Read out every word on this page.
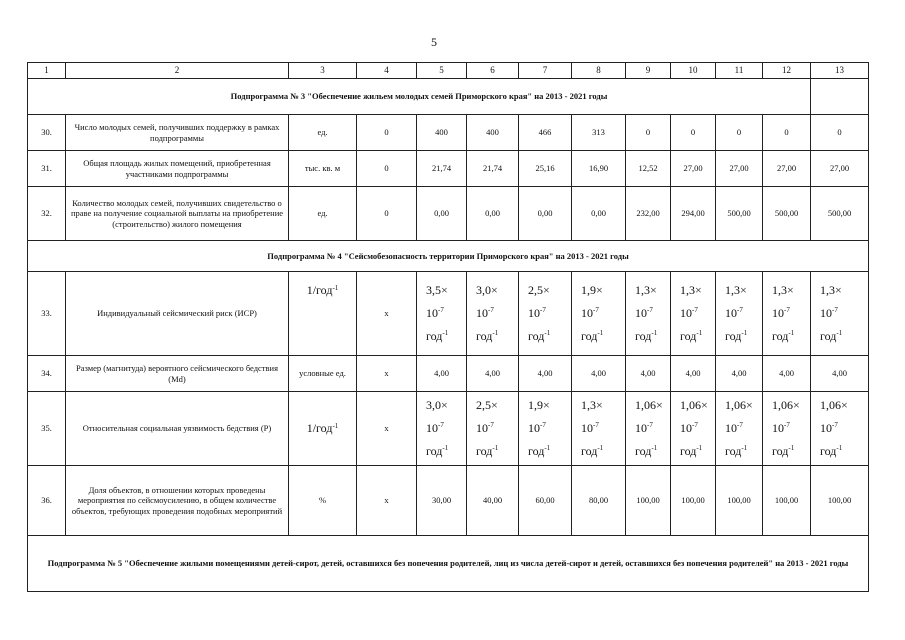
5
1	2	3	4	5	6	7	8	9	10	11	12	13
Подпрограмма № 3 "Обеспечение жильем молодых семей Приморского края" на 2013 - 2021 годы												
30.	Число молодых семей, получивших поддержку в рамках подпрограммы	ед.	0	400	400	466	313	0	0	0	0	0
31.	Общая площадь жилых помещений, приобретенная участниками подпрограммы	тыс. кв. м	0	21,74	21,74	25,16	16,90	12,52	27,00	27,00	27,00	27,00
32.	Количество молодых семей, получивших свидетельство о праве на получение социальной выплаты на приобретение (строительство) жилого помещения	ед.	0	0,00	0,00	0,00	0,00	232,00	294,00	500,00	500,00	500,00
Подпрограмма № 4 "Сейсмобезопасность территории Приморского края" на 2013 - 2021 годы												
33.	Индивидуальный сейсмический риск (ИСР)	1/год$^{-1}$	х	3,5×
$10^{-7}$
год$^{-1}$	3,0×
$10^{-7}$
год$^{-1}$	2,5×
$10^{-7}$
год$^{-1}$	1,9×
$10^{-7}$
год$^{-1}$	1,3×
$10^{-7}$
год$^{-1}$	1,3×
$10^{-7}$
год$^{-1}$	1,3×
$10^{-7}$
год$^{-1}$	1,3×
$10^{-7}$
год$^{-1}$	1,3×
$10^{-7}$
год$^{-1}$

34.	Размер (магнитуда) вероятного сейсмического бедствия (Md)	условные ед.	х	4,00	4,00	4,00	4,00	4,00	4,00	4,00	4,00	4,00
35.	Относительная социальная уязвимость бедствия (Р)	1/год$^{-1}$	х	3,0×
$10^{-7}$
год$^{-1}$	2,5×
$10^{-7}$
год$^{-1}$	1,9×
$10^{-7}$
год$^{-1}$	1,3×
$10^{-7}$
год$^{-1}$	1,06×
$10^{-7}$
год$^{-1}$	1,06×
$10^{-7}$
год$^{-1}$	1,06×
$10^{-7}$
год$^{-1}$	1,06×
$10^{-7}$
год$^{-1}$	1,06×
$10^{-7}$
год$^{-1}$

36.	Доля объектов, в отношении которых проведены мероприятия по сейсмоусилению, в общем количестве объектов, требующих проведения подобных мероприятий	%	х	30,00	40,00	60,00	80,00	100,00	100,00	100,00	100,00	100,00
Подпрограмма № 5 "Обеспечение жилыми помещениями детей-сирот, детей, оставшихся без попечения родителей, лиц из числа детей-сирот и детей, оставшихся без попечения родителей" на 2013 - 2021 годы												
